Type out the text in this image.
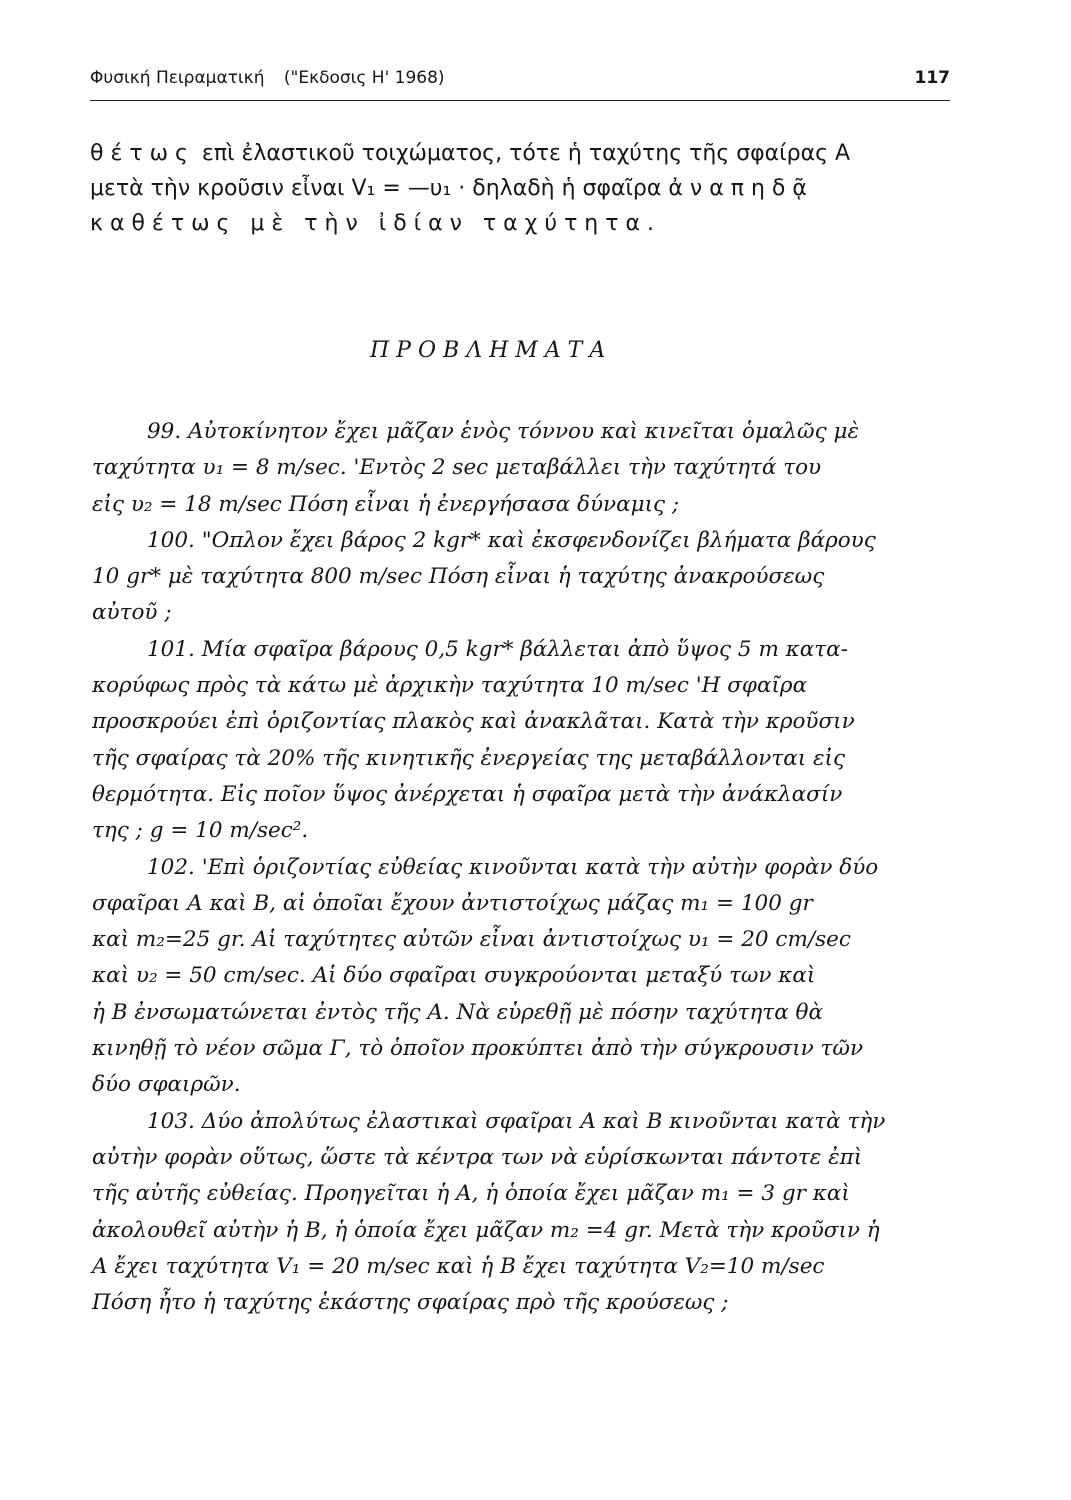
Φυσική Πειραματική ("Εκδοσις Η' 1968)	117
θέτως επὶ ἐλαστικοῦ τοιχώματος, τότε ἡ ταχύτης τῆς σφαίρας Α
μετὰ τὴν κροῦσιν εἶναι V₁ = —υ₁ · δηλαδὴ ἡ σφαῖρα ἀναπηδᾷ
καθέτως μὲ τὴν ἰδίαν ταχύτητα.
ΠΡΟΒΛΗΜΑΤΑ
99. Αὐτοκίνητον ἔχει μᾶζαν ἑνὸς τόννου καὶ κινεῖται ὁμαλῶς μὲ
ταχύτητα υ₁ = 8 m/sec. 'Εντὸς 2 sec μεταβάλλει τὴν ταχύτητά του
εἰς υ₂ = 18 m/sec Πόση εἶναι ἡ ἐνεργήσασα δύναμις ;
100. "Οπλον ἔχει βάρος 2 kgr* καὶ ἐκσφενδονίζει βλήματα βάρους
10 gr* μὲ ταχύτητα 800 m/sec Πόση εἶναι ἡ ταχύτης ἀνακρούσεως
αὐτοῦ ;
101. Μία σφαῖρα βάρους 0,5 kgr* βάλλεται ἀπὸ ὕψος 5 m κατα-
κορύφως πρὸς τὰ κάτω μὲ ἀρχικὴν ταχύτητα 10 m/sec 'Η σφαῖρα
προσκρούει ἐπὶ ὁριζοντίας πλακὸς καὶ ἀνακλᾶται. Κατὰ τὴν κροῦσιν
τῆς σφαίρας τὰ 20% τῆς κινητικῆς ἐνεργείας της μεταβάλλονται εἰς
θερμότητα. Εἰς ποῖον ὕψος ἀνέρχεται ἡ σφαῖρα μετὰ τὴν ἀνάκλασίν
της ; g = 10 m/sec².
102. 'Επὶ ὁριζοντίας εὐθείας κινοῦνται κατὰ τὴν αὐτὴν φορὰν δύο
σφαῖραι Α καὶ Β, αἱ ὁποῖαι ἔχουν ἀντιστοίχως μάζας m₁ = 100 gr
καὶ m₂=25 gr. Αἱ ταχύτητες αὐτῶν εἶναι ἀντιστοίχως υ₁ = 20 cm/sec
καὶ υ₂ = 50 cm/sec. Αἱ δύο σφαῖραι συγκρούονται μεταξύ των καὶ
ἡ Β ἐνσωματώνεται ἐντὸς τῆς Α. Νὰ εὑρεθῇ μὲ πόσην ταχύτητα θὰ
κινηθῇ τὸ νέον σῶμα Γ, τὸ ὁποῖον προκύπτει ἀπὸ τὴν σύγκρουσιν τῶν
δύο σφαιρῶν.
103. Δύο ἀπολύτως ἐλαστικαὶ σφαῖραι Α καὶ Β κινοῦνται κατὰ τὴν
αὐτὴν φορὰν οὕτως, ὥστε τὰ κέντρα των νὰ εὑρίσκωνται πάντοτε ἐπὶ
τῆς αὐτῆς εὐθείας. Προηγεῖται ἡ Α, ἡ ὁποία ἔχει μᾶζαν m₁ = 3 gr καὶ
ἀκολουθεῖ αὐτὴν ἡ Β, ἡ ὁποία ἔχει μᾶζαν m₂ =4 gr. Μετὰ τὴν κροῦσιν ἡ
Α ἔχει ταχύτητα V₁ = 20 m/sec καὶ ἡ Β ἔχει ταχύτητα V₂=10 m/sec
Πόση ἦτο ἡ ταχύτης ἑκάστης σφαίρας πρὸ τῆς κρούσεως ;
